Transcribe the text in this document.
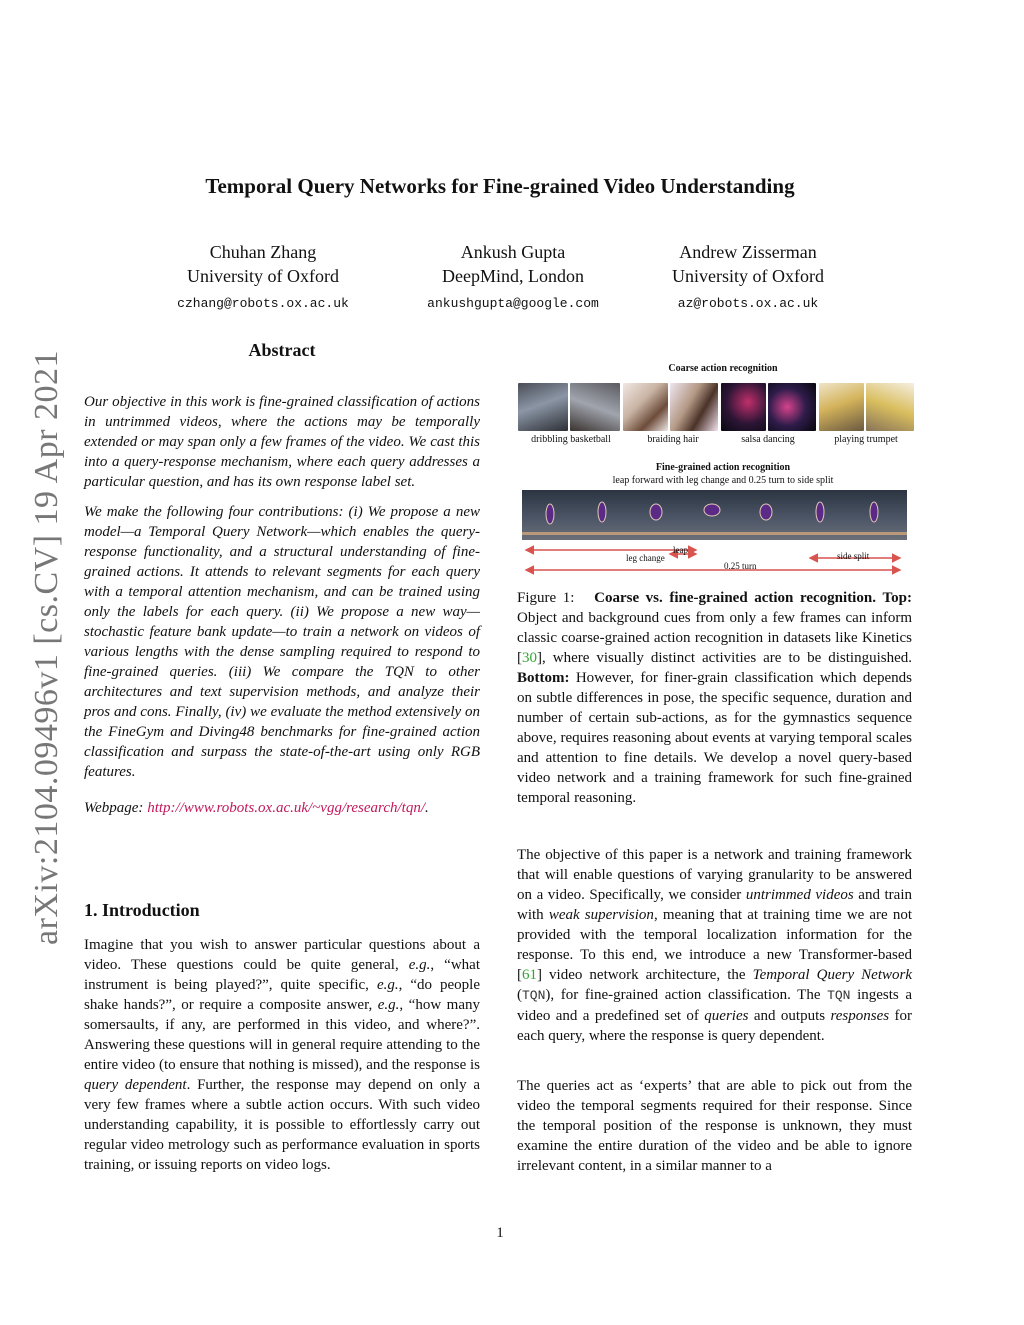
arXiv:2104.09496v1 [cs.CV] 19 Apr 2021
Temporal Query Networks for Fine-grained Video Understanding
Chuhan Zhang
University of Oxford
czhang@robots.ox.ac.uk
Ankush Gupta
DeepMind, London
ankushgupta@google.com
Andrew Zisserman
University of Oxford
az@robots.ox.ac.uk
Abstract

Our objective in this work is fine-grained classification of actions in untrimmed videos, where the actions may be temporally extended or may span only a few frames of the video. We cast this into a query-response mechanism, where each query addresses a particular question, and has its own response label set.

We make the following four contributions: (i) We propose a new model—a Temporal Query Network—which enables the query-response functionality, and a structural understanding of fine-grained actions. It attends to relevant segments for each query with a temporal attention mechanism, and can be trained using only the labels for each query. (ii) We propose a new way—stochastic feature bank update—to train a network on videos of various lengths with the dense sampling required to respond to fine-grained queries. (iii) We compare the TQN to other architectures and text supervision methods, and analyze their pros and cons. Finally, (iv) we evaluate the method extensively on the FineGym and Diving48 benchmarks for fine-grained action classification and surpass the state-of-the-art using only RGB features.

Webpage: http://www.robots.ox.ac.uk/~vgg/research/tqn/.

1. Introduction

Imagine that you wish to answer particular questions about a video. These questions could be quite general, e.g., “what instrument is being played?”, quite specific, e.g., “do people shake hands?”, or require a composite answer, e.g., “how many somersaults, if any, are performed in this video, and where?”. Answering these questions will in general require attending to the entire video (to ensure that nothing is missed), and the response is query dependent. Further, the response may depend on only a very few frames where a subtle action occurs. With such video understanding capability, it is possible to effortlessly carry out regular video metrology such as performance evaluation in sports training, or issuing reports on video logs.

Coarse action recognition
dribbling basketball	braiding hair	salsa dancing	playing trumpet
Fine-grained action recognition
leap forward with leg change and 0.25 turn to side split
leap
leg change	side split
0.25 turn

Figure 1: Coarse vs. fine-grained action recognition. Top: Object and background cues from only a few frames can inform classic coarse-grained action recognition in datasets like Kinetics [30], where visually distinct activities are to be distinguished. Bottom: However, for finer-grain classification which depends on subtle differences in pose, the specific sequence, duration and number of certain sub-actions, as for the gymnastics sequence above, requires reasoning about events at varying temporal scales and attention to fine details. We develop a novel query-based video network and a training framework for such fine-grained temporal reasoning.

The objective of this paper is a network and training framework that will enable questions of varying granularity to be answered on a video. Specifically, we consider untrimmed videos and train with weak supervision, meaning that at training time we are not provided with the temporal localization information for the response. To this end, we introduce a new Transformer-based [61] video network architecture, the Temporal Query Network (TQN), for fine-grained action classification. The TQN ingests a video and a predefined set of queries and outputs responses for each query, where the response is query dependent.

The queries act as ‘experts’ that are able to pick out from the video the temporal segments required for their response. Since the temporal position of the response is unknown, they must examine the entire duration of the video and be able to ignore irrelevant content, in a similar manner to a

1
